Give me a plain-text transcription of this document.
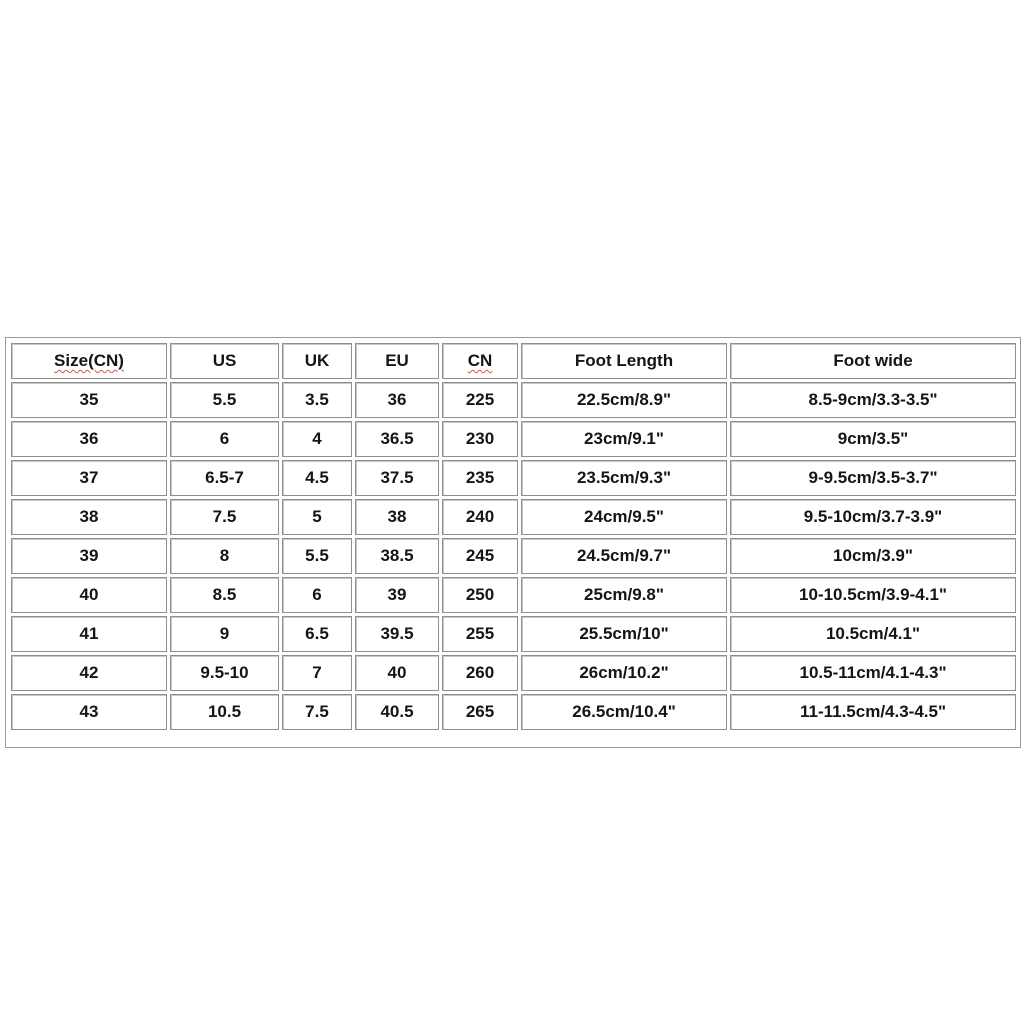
Size(CN)	US	UK	EU	CN	Foot Length	Foot wide
35	5.5	3.5	36	225	22.5cm/8.9"	8.5-9cm/3.3-3.5"
36	6	4	36.5	230	23cm/9.1"	9cm/3.5"
37	6.5-7	4.5	37.5	235	23.5cm/9.3"	9-9.5cm/3.5-3.7"
38	7.5	5	38	240	24cm/9.5"	9.5-10cm/3.7-3.9"
39	8	5.5	38.5	245	24.5cm/9.7"	10cm/3.9"
40	8.5	6	39	250	25cm/9.8"	10-10.5cm/3.9-4.1"
41	9	6.5	39.5	255	25.5cm/10"	10.5cm/4.1"
42	9.5-10	7	40	260	26cm/10.2"	10.5-11cm/4.1-4.3"
43	10.5	7.5	40.5	265	26.5cm/10.4"	11-11.5cm/4.3-4.5"
